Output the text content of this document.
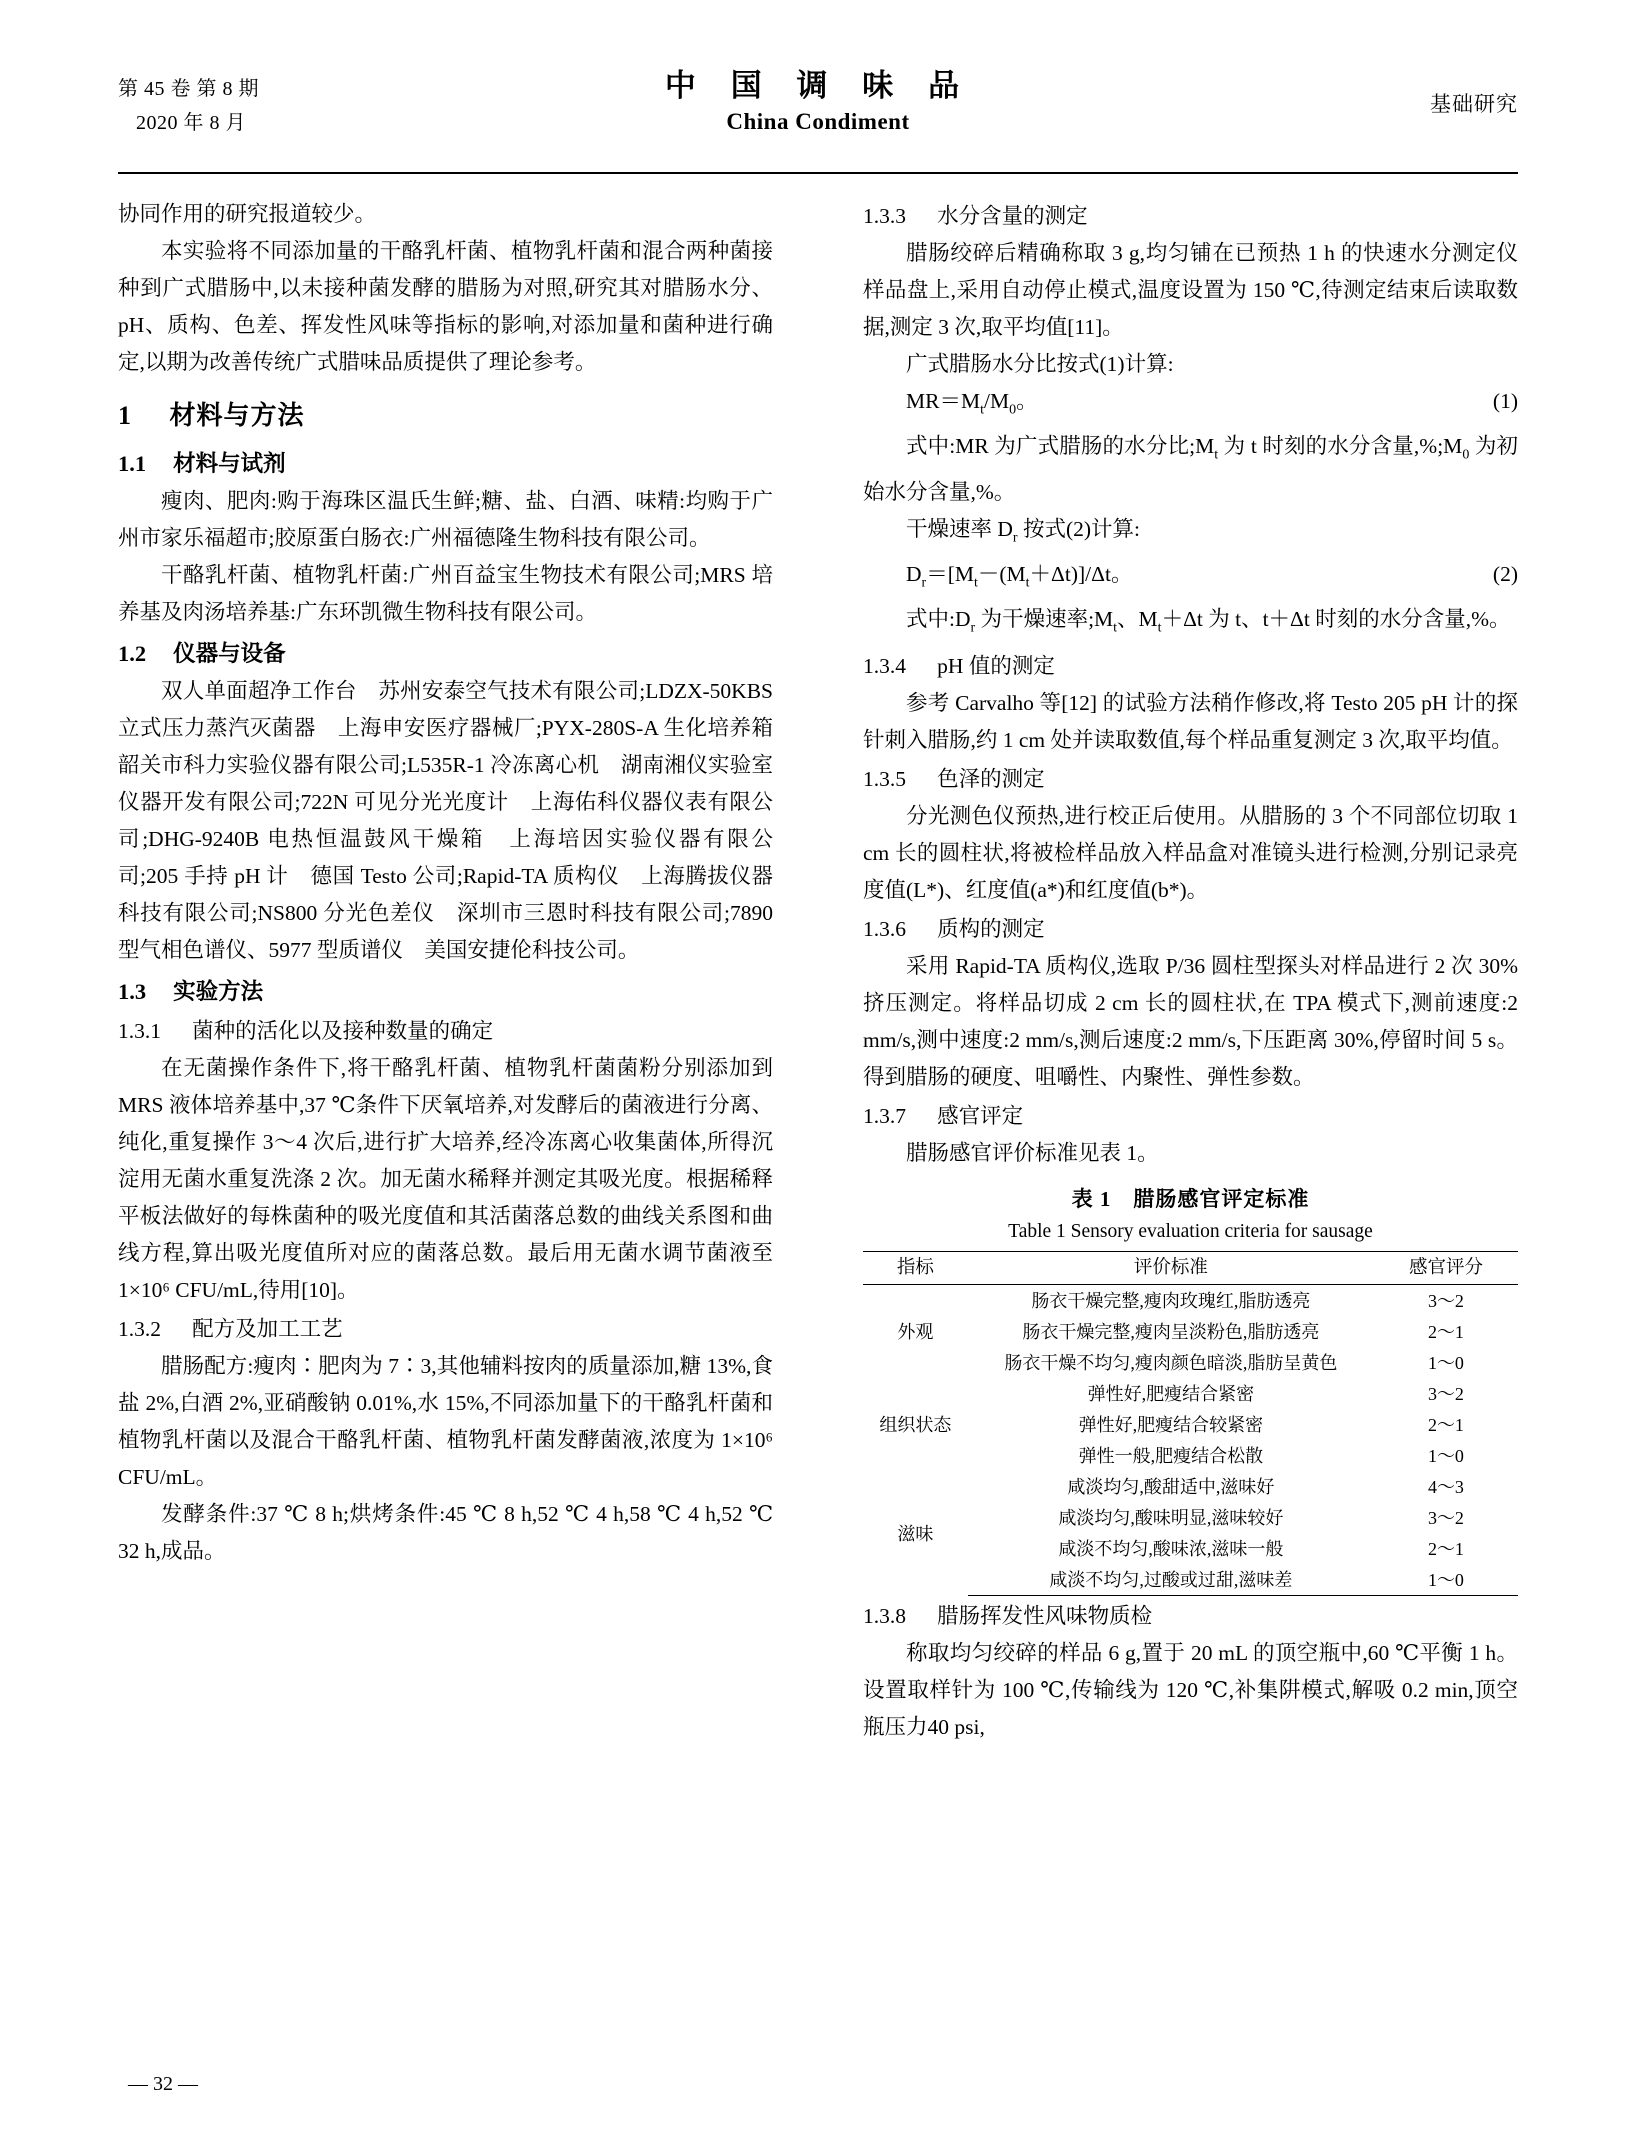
第 45 卷 第 8 期
2020 年 8 月
中 国 调 味 品
China Condiment
基础研究

协同作用的研究报道较少。

本实验将不同添加量的干酪乳杆菌、植物乳杆菌和混合两种菌接种到广式腊肠中,以未接种菌发酵的腊肠为对照,研究其对腊肠水分、pH、质构、色差、挥发性风味等指标的影响,对添加量和菌种进行确定,以期为改善传统广式腊味品质提供了理论参考。

1 材料与方法
1.1 材料与试剂

瘦肉、肥肉:购于海珠区温氏生鲜;糖、盐、白酒、味精:均购于广州市家乐福超市;胶原蛋白肠衣:广州福德隆生物科技有限公司。

干酪乳杆菌、植物乳杆菌:广州百益宝生物技术有限公司;MRS 培养基及肉汤培养基:广东环凯微生物科技有限公司。

1.2 仪器与设备

双人单面超净工作台　苏州安泰空气技术有限公司;LDZX-50KBS 立式压力蒸汽灭菌器　上海申安医疗器械厂;PYX-280S-A 生化培养箱　韶关市科力实验仪器有限公司;L535R-1 冷冻离心机　湖南湘仪实验室仪器开发有限公司;722N 可见分光光度计　上海佑科仪器仪表有限公司;DHG-9240B 电热恒温鼓风干燥箱　上海培因实验仪器有限公司;205 手持 pH 计　德国 Testo 公司;Rapid-TA 质构仪　上海腾拔仪器科技有限公司;NS800 分光色差仪　深圳市三恩时科技有限公司;7890 型气相色谱仪、5977 型质谱仪　美国安捷伦科技公司。

1.3 实验方法
1.3.1 菌种的活化以及接种数量的确定

在无菌操作条件下,将干酪乳杆菌、植物乳杆菌菌粉分别添加到 MRS 液体培养基中,37 ℃条件下厌氧培养,对发酵后的菌液进行分离、纯化,重复操作 3～4 次后,进行扩大培养,经冷冻离心收集菌体,所得沉淀用无菌水重复洗涤 2 次。加无菌水稀释并测定其吸光度。根据稀释平板法做好的每株菌种的吸光度值和其活菌落总数的曲线关系图和曲线方程,算出吸光度值所对应的菌落总数。最后用无菌水调节菌液至 1×10⁶ CFU/mL,待用[10]。

1.3.2 配方及加工工艺

腊肠配方:瘦肉∶肥肉为 7∶3,其他辅料按肉的质量添加,糖 13%,食盐 2%,白酒 2%,亚硝酸钠 0.01%,水 15%,不同添加量下的干酪乳杆菌和植物乳杆菌以及混合干酪乳杆菌、植物乳杆菌发酵菌液,浓度为 1×10⁶ CFU/mL。

发酵条件:37 ℃ 8 h;烘烤条件:45 ℃ 8 h,52 ℃ 4 h,58 ℃ 4 h,52 ℃ 32 h,成品。

1.3.3 水分含量的测定

腊肠绞碎后精确称取 3 g,均匀铺在已预热 1 h 的快速水分测定仪样品盘上,采用自动停止模式,温度设置为 150 ℃,待测定结束后读取数据,测定 3 次,取平均值[11]。

广式腊肠水分比按式(1)计算:

$MR=M_t/M_0$。	(1)

式中:MR 为广式腊肠的水分比$;M_t$ 为 t 时刻的水分含量$,\%;M_0$ 为初始水分含量,%。

干燥速率 $D_r$ 按式(2)计算:

$D_r=[M_t-(M_t+\Delta t)]/\Delta t$。	(2)

式中$:D_r$ 为干燥速率$;M_t$、$M_t+\Delta t$ 为 t、t＋Δt 时刻的水分含量,%。

1.3.4 pH 值的测定

参考 Carvalho 等[12] 的试验方法稍作修改,将 Testo 205 pH 计的探针刺入腊肠,约 1 cm 处并读取数值,每个样品重复测定 3 次,取平均值。

1.3.5 色泽的测定

分光测色仪预热,进行校正后使用。从腊肠的 3 个不同部位切取 1 cm 长的圆柱状,将被检样品放入样品盒对准镜头进行检测,分别记录亮度值(L*)、红度值(a*)和红度值(b*)。

1.3.6 质构的测定

采用 Rapid-TA 质构仪,选取 P/36 圆柱型探头对样品进行 2 次 30%挤压测定。将样品切成 2 cm 长的圆柱状,在 TPA 模式下,测前速度:2 mm/s,测中速度:2 mm/s,测后速度:2 mm/s,下压距离 30%,停留时间 5 s。得到腊肠的硬度、咀嚼性、内聚性、弹性参数。

1.3.7 感官评定

腊肠感官评价标准见表 1。

表 1　腊肠感官评定标准
Table 1 Sensory evaluation criteria for sausage
指标	评价标准	感官评分
外观	肠衣干燥完整,瘦肉玫瑰红,脂肪透亮	3～2
	肠衣干燥完整,瘦肉呈淡粉色,脂肪透亮	2～1
	肠衣干燥不均匀,瘦肉颜色暗淡,脂肪呈黄色	1～0
组织状态	弹性好,肥瘦结合紧密	3～2
	弹性好,肥瘦结合较紧密	2～1
	弹性一般,肥瘦结合松散	1～0
滋味	咸淡均匀,酸甜适中,滋味好	4～3
	咸淡均匀,酸味明显,滋味较好	3～2
	咸淡不均匀,酸味浓,滋味一般	2～1
	咸淡不均匀,过酸或过甜,滋味差	1～0
1.3.8 腊肠挥发性风味物质检

称取均匀绞碎的样品 6 g,置于 20 mL 的顶空瓶中,60 ℃平衡 1 h。设置取样针为 100 ℃,传输线为 120 ℃,补集阱模式,解吸 0.2 min,顶空瓶压力40 psi,

— 32 —
